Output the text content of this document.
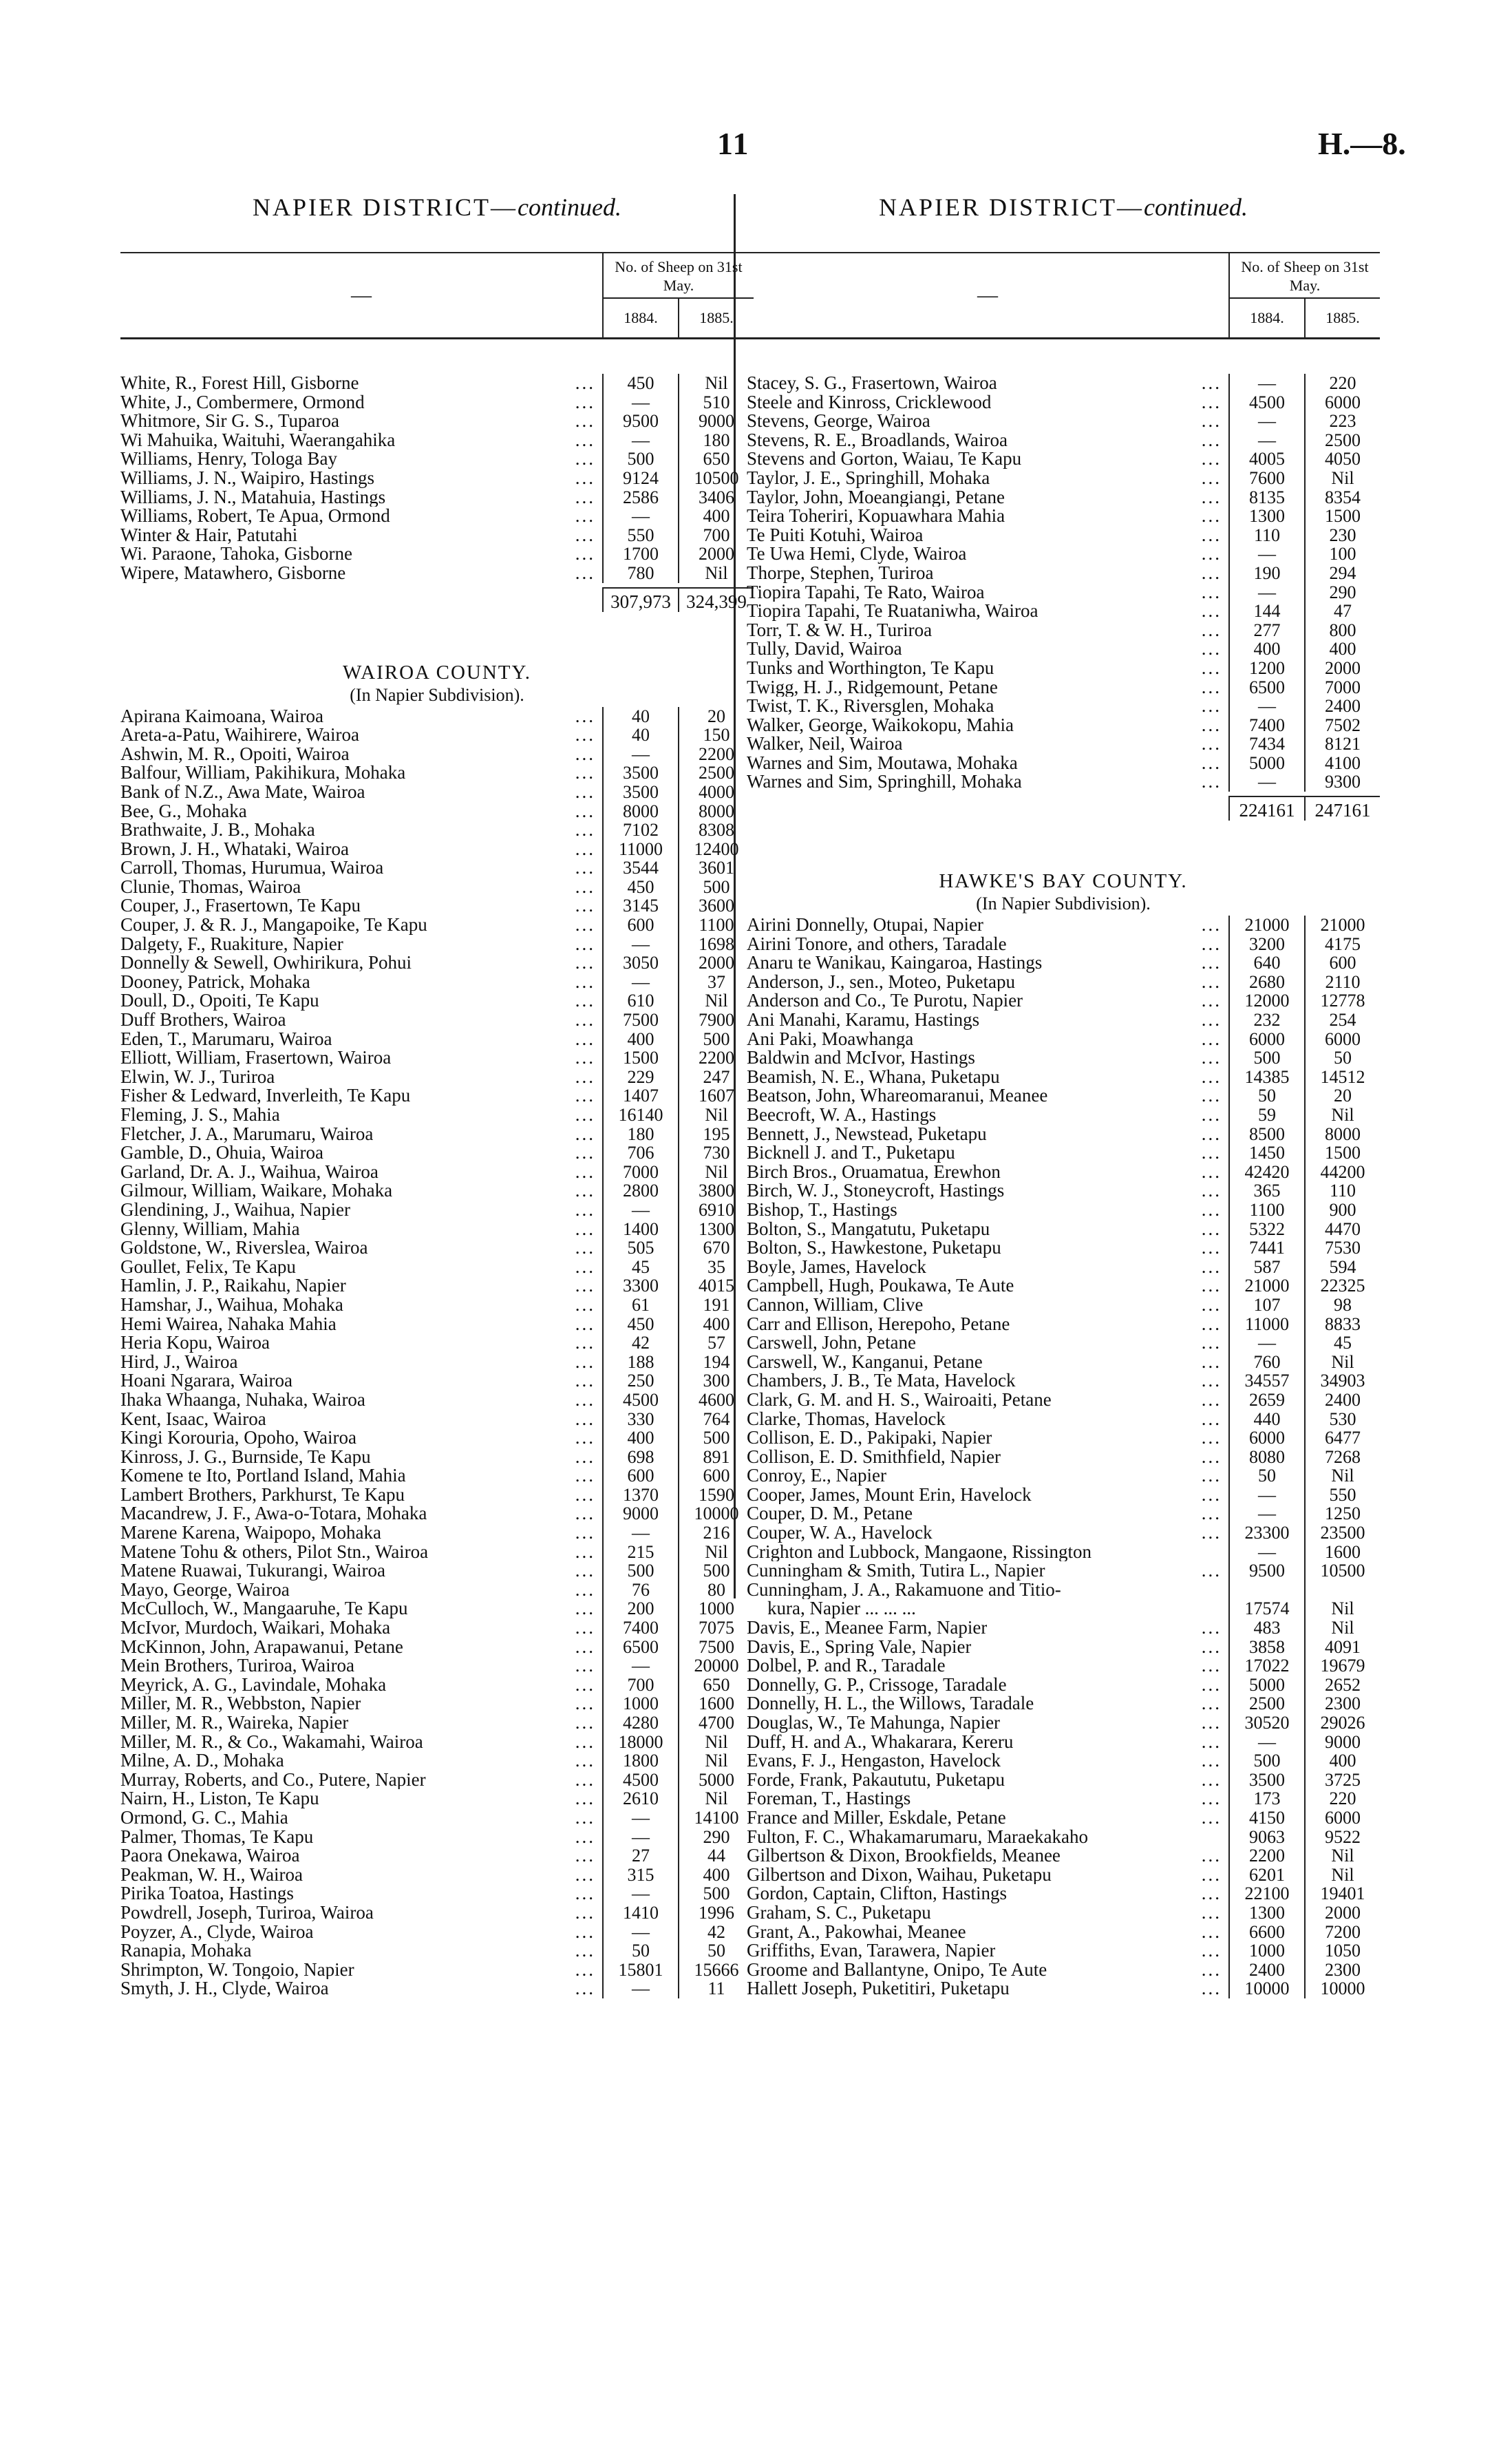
11	H.—8.
NAPIER DISTRICT—continued.
—
No. of Sheep on 31st May.
1884.	1885.
White, R., Forest Hill, Gisborne	...	450	Nil
White, J., Combermere, Ormond	...	—	510
Whitmore, Sir G. S., Tuparoa	...	9500	9000
Wi Mahuika, Waituhi, Waerangahika	...	—	180
Williams, Henry, Tologa Bay	...	500	650
Williams, J. N., Waipiro, Hastings	...	9124	10500
Williams, J. N., Matahuia, Hastings	...	2586	3406
Williams, Robert, Te Apua, Ormond	...	—	400
Winter & Hair, Patutahi	...	550	700
Wi. Paraone, Tahoka, Gisborne	...	1700	2000
Wipere, Matawhero, Gisborne	...	780	Nil
307,973 324,399
WAIROA COUNTY.
(In Napier Subdivision).
Apirana Kaimoana, Wairoa	...	40	20
Areta-a-Patu, Waihirere, Wairoa	...	40	150
Ashwin, M. R., Opoiti, Wairoa	...	—	2200
Balfour, William, Pakihikura, Mohaka	...	3500	2500
Bank of N.Z., Awa Mate, Wairoa	...	3500	4000
Bee, G., Mohaka	...	8000	8000
Brathwaite, J. B., Mohaka	...	7102	8308
Brown, J. H., Whataki, Wairoa	...	11000	12400
Carroll, Thomas, Hurumua, Wairoa	...	3544	3601
Clunie, Thomas, Wairoa	...	450	500
Couper, J., Frasertown, Te Kapu	...	3145	3600
Couper, J. & R. J., Mangapoike, Te Kapu	...	600	1100
Dalgety, F., Ruakiture, Napier	...	—	1698
Donnelly & Sewell, Owhirikura, Pohui	...	3050	2000
Dooney, Patrick, Mohaka	...	—	37
Doull, D., Opoiti, Te Kapu	...	610	Nil
Duff Brothers, Wairoa	...	7500	7900
Eden, T., Marumaru, Wairoa	...	400	500
Elliott, William, Frasertown, Wairoa	...	1500	2200
Elwin, W. J., Turiroa	...	229	247
Fisher & Ledward, Inverleith, Te Kapu	...	1407	1607
Fleming, J. S., Mahia	...	16140	Nil
Fletcher, J. A., Marumaru, Wairoa	...	180	195
Gamble, D., Ohuia, Wairoa	...	706	730
Garland, Dr. A. J., Waihua, Wairoa	...	7000	Nil
Gilmour, William, Waikare, Mohaka	...	2800	3800
Glendining, J., Waihua, Napier	...	—	6910
Glenny, William, Mahia	...	1400	1300
Goldstone, W., Riverslea, Wairoa	...	505	670
Goullet, Felix, Te Kapu	...	45	35
Hamlin, J. P., Raikahu, Napier	...	3300	4015
Hamshar, J., Waihua, Mohaka	...	61	191
Hemi Wairea, Nahaka Mahia	...	450	400
Heria Kopu, Wairoa	...	42	57
Hird, J., Wairoa	...	188	194
Hoani Ngarara, Wairoa	...	250	300
Ihaka Whaanga, Nuhaka, Wairoa	...	4500	4600
Kent, Isaac, Wairoa	...	330	764
Kingi Korouria, Opoho, Wairoa	...	400	500
Kinross, J. G., Burnside, Te Kapu	...	698	891
Komene te Ito, Portland Island, Mahia	...	600	600
Lambert Brothers, Parkhurst, Te Kapu	...	1370	1590
Macandrew, J. F., Awa-o-Totara, Mohaka	...	9000	10000
Marene Karena, Waipopo, Mohaka	...	—	216
Matene Tohu & others, Pilot Stn., Wairoa	...	215	Nil
Matene Ruawai, Tukurangi, Wairoa	...	500	500
Mayo, George, Wairoa	...	76	80
McCulloch, W., Mangaaruhe, Te Kapu	...	200	1000
McIvor, Murdoch, Waikari, Mohaka	...	7400	7075
McKinnon, John, Arapawanui, Petane	...	6500	7500
Mein Brothers, Turiroa, Wairoa	...	—	20000
Meyrick, A. G., Lavindale, Mohaka	...	700	650
Miller, M. R., Webbston, Napier	...	1000	1600
Miller, M. R., Waireka, Napier	...	4280	4700
Miller, M. R., & Co., Wakamahi, Wairoa	...	18000	Nil
Milne, A. D., Mohaka	...	1800	Nil
Murray, Roberts, and Co., Putere, Napier	...	4500	5000
Nairn, H., Liston, Te Kapu	...	2610	Nil
Ormond, G. C., Mahia	...	—	14100
Palmer, Thomas, Te Kapu	...	—	290
Paora Onekawa, Wairoa	...	27	44
Peakman, W. H., Wairoa	...	315	400
Pirika Toatoa, Hastings	...	—	500
Powdrell, Joseph, Turiroa, Wairoa	...	1410	1996
Poyzer, A., Clyde, Wairoa	...	—	42
Ranapia, Mohaka	...	50	50
Shrimpton, W. Tongoio, Napier	...	15801	15666
Smyth, J. H., Clyde, Wairoa	...	—	11
NAPIER DISTRICT—continued.
—
No. of Sheep on 31st May.
1884.	1885.
Stacey, S. G., Frasertown, Wairoa	...	—	220
Steele and Kinross, Cricklewood	...	4500	6000
Stevens, George, Wairoa	...	—	223
Stevens, R. E., Broadlands, Wairoa	...	—	2500
Stevens and Gorton, Waiau, Te Kapu	...	4005	4050
Taylor, J. E., Springhill, Mohaka	...	7600	Nil
Taylor, John, Moeangiangi, Petane	...	8135	8354
Teira Toheriri, Kopuawhara Mahia	...	1300	1500
Te Puiti Kotuhi, Wairoa	...	110	230
Te Uwa Hemi, Clyde, Wairoa	...	—	100
Thorpe, Stephen, Turiroa	...	190	294
Tiopira Tapahi, Te Rato, Wairoa	...	—	290
Tiopira Tapahi, Te Ruataniwha, Wairoa	...	144	47
Torr, T. & W. H., Turiroa	...	277	800
Tully, David, Wairoa	...	400	400
Tunks and Worthington, Te Kapu	...	1200	2000
Twigg, H. J., Ridgemount, Petane	...	6500	7000
Twist, T. K., Riversglen, Mohaka	...	—	2400
Walker, George, Waikokopu, Mahia	...	7400	7502
Walker, Neil, Wairoa	...	7434	8121
Warnes and Sim, Moutawa, Mohaka	...	5000	4100
Warnes and Sim, Springhill, Mohaka	...	—	9300
224161	247161
HAWKE'S BAY COUNTY.
(In Napier Subdivision).
Airini Donnelly, Otupai, Napier	...	21000	21000
Airini Tonore, and others, Taradale	...	3200	4175
Anaru te Wanikau, Kaingaroa, Hastings	...	640	600
Anderson, J., sen., Moteo, Puketapu	...	2680	2110
Anderson and Co., Te Purotu, Napier	...	12000	12778
Ani Manahi, Karamu, Hastings	...	232	254
Ani Paki, Moawhanga	...	6000	6000
Baldwin and McIvor, Hastings	...	500	50
Beamish, N. E., Whana, Puketapu	...	14385	14512
Beatson, John, Whareomaranui, Meanee	...	50	20
Beecroft, W. A., Hastings	...	59	Nil
Bennett, J., Newstead, Puketapu	...	8500	8000
Bicknell J. and T., Puketapu	...	1450	1500
Birch Bros., Oruamatua, Erewhon	...	42420	44200
Birch, W. J., Stoneycroft, Hastings	...	365	110
Bishop, T., Hastings	...	1100	900
Bolton, S., Mangatutu, Puketapu	...	5322	4470
Bolton, S., Hawkestone, Puketapu	...	7441	7530
Boyle, James, Havelock	...	587	594
Campbell, Hugh, Poukawa, Te Aute	...	21000	22325
Cannon, William, Clive	...	107	98
Carr and Ellison, Herepoho, Petane	...	11000	8833
Carswell, John, Petane	...	—	45
Carswell, W., Kanganui, Petane	...	760	Nil
Chambers, J. B., Te Mata, Havelock	...	34557	34903
Clark, G. M. and H. S., Wairoaiti, Petane	...	2659	2400
Clarke, Thomas, Havelock	...	440	530
Collison, E. D., Pakipaki, Napier	...	6000	6477
Collison, E. D. Smithfield, Napier	...	8080	7268
Conroy, E., Napier	...	50	Nil
Cooper, James, Mount Erin, Havelock	...	—	550
Couper, D. M., Petane	...	—	1250
Couper, W. A., Havelock	...	23300	23500
Crighton and Lubbock, Mangaone, Rissington	—	1600
Cunningham & Smith, Tutira L., Napier	...	9500	10500
Cunningham, J. A., Rakamuone and Titio-
kura, Napier ... ... ...	17574	Nil
Davis, E., Meanee Farm, Napier	...	483	Nil
Davis, E., Spring Vale, Napier	...	3858	4091
Dolbel, P. and R., Taradale	...	17022	19679
Donnelly, G. P., Crissoge, Taradale	...	5000	2652
Donnelly, H. L., the Willows, Taradale	...	2500	2300
Douglas, W., Te Mahunga, Napier	...	30520	29026
Duff, H. and A., Whakarara, Kereru	...	—	9000
Evans, F. J., Hengaston, Havelock	...	500	400
Forde, Frank, Pakaututu, Puketapu	...	3500	3725
Foreman, T., Hastings	...	173	220
France and Miller, Eskdale, Petane	...	4150	6000
Fulton, F. C., Whakamarumaru, Maraekakaho	9063	9522
Gilbertson & Dixon, Brookfields, Meanee	...	2200	Nil
Gilbertson and Dixon, Waihau, Puketapu	...	6201	Nil
Gordon, Captain, Clifton, Hastings	...	22100	19401
Graham, S. C., Puketapu	...	1300	2000
Grant, A., Pakowhai, Meanee	...	6600	7200
Griffiths, Evan, Tarawera, Napier	...	1000	1050
Groome and Ballantyne, Onipo, Te Aute	...	2400	2300
Hallett Joseph, Puketitiri, Puketapu	...	10000	10000
